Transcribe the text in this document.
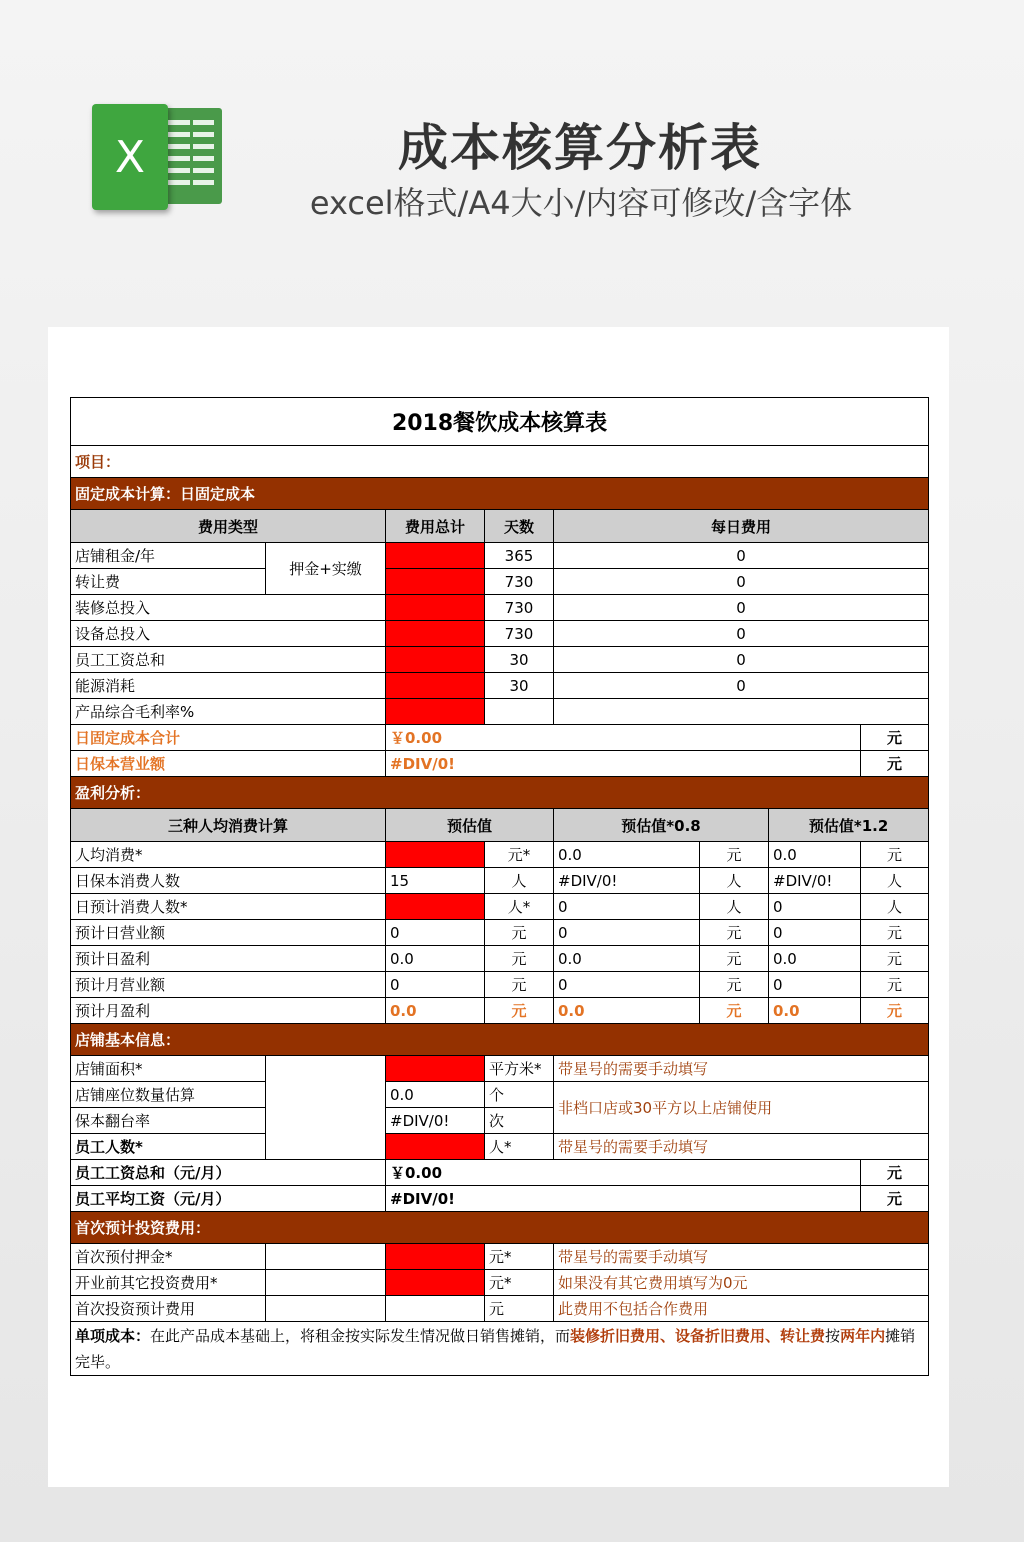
X	成本核算分析表
excel格式/A4大小/内容可修改/含字体
2018餐饮成本核算表							
项目：							
固定成本计算：日固定成本							
费用类型		费用总计	天数	每日费用			
店铺租金/年	押金+实缴		365	0			
转让费			730	0			
装修总投入			730	0			
设备总投入			730	0			
员工工资总和			30	0			
能源消耗			30	0			
产品综合毛利率%							
日固定成本合计		￥0.00					元
日保本营业额		#DIV/0!					元
盈利分析：							
三种人均消费计算		预估值		预估值*0.8		预估值*1.2	
人均消费*			元*	0.0	元	0.0	元
日保本消费人数		15	人	#DIV/0!	人	#DIV/0!	人
日预计消费人数*			人*	0	人	0	人
预计日营业额		0	元	0	元	0	元
预计日盈利		0.0	元	0.0	元	0.0	元
预计月营业额		0	元	0	元	0	元
预计月盈利		0.0	元	0.0	元	0.0	元
店铺基本信息：							
店铺面积*			平方米*	带星号的需要手动填写			
店铺座位数量估算		0.0	个	非档口店或30平方以上店铺使用			
保本翻台率		#DIV/0!	次				
员工人数*			人*	带星号的需要手动填写			
员工工资总和（元/月）		￥0.00					元
员工平均工资（元/月）		#DIV/0!					元
首次预计投资费用：							
首次预付押金*			元*	带星号的需要手动填写			
开业前其它投资费用*			元*	如果没有其它费用填写为0元			
首次投资预计费用			元	此费用不包括合作费用			
单项成本：在此产品成本基础上，将租金按实际发生情况做日销售摊销，而装修折旧费用、设备折旧费用、转让费按两年内摊销完毕。							
